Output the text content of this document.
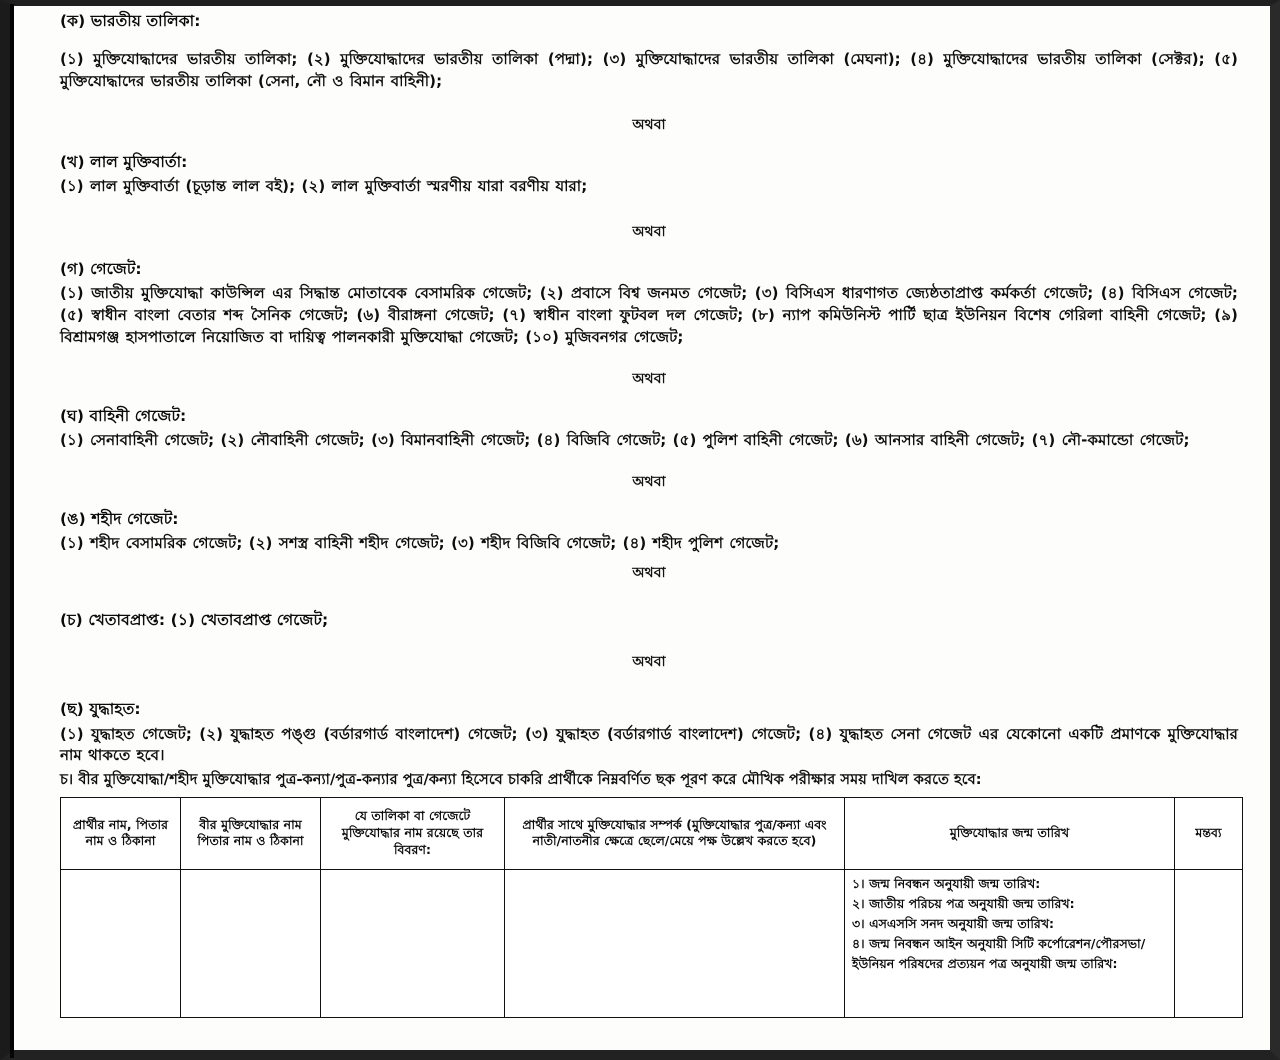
(ক) ভারতীয় তালিকা:

(১) মুক্তিযোদ্ধাদের ভারতীয় তালিকা; (২) মুক্তিযোদ্ধাদের ভারতীয় তালিকা (পদ্মা); (৩) মুক্তিযোদ্ধাদের ভারতীয় তালিকা (মেঘনা); (৪) মুক্তিযোদ্ধাদের ভারতীয় তালিকা (সেক্টর); (৫) মুক্তিযোদ্ধাদের ভারতীয় তালিকা (সেনা, নৌ ও বিমান বাহিনী);

অথবা

(খ) লাল মুক্তিবার্তা:

(১) লাল মুক্তিবার্তা (চূড়ান্ত লাল বই); (২) লাল মুক্তিবার্তা স্মরণীয় যারা বরণীয় যারা;

অথবা

(গ) গেজেট:

(১) জাতীয় মুক্তিযোদ্ধা কাউন্সিল এর সিদ্ধান্ত মোতাবেক বেসামরিক গেজেট; (২) প্রবাসে বিশ্ব জনমত গেজেট; (৩) বিসিএস ধারণাগত জ্যেষ্ঠতাপ্রাপ্ত কর্মকর্তা গেজেট; (৪) বিসিএস গেজেট; (৫) স্বাধীন বাংলা বেতার শব্দ সৈনিক গেজেট; (৬) বীরাঙ্গনা গেজেট; (৭) স্বাধীন বাংলা ফুটবল দল গেজেট; (৮) ন্যাপ কমিউনিস্ট পার্টি ছাত্র ইউনিয়ন বিশেষ গেরিলা বাহিনী গেজেট; (৯) বিশ্রামগঞ্জ হাসপাতালে নিয়োজিত বা দায়িত্ব পালনকারী মুক্তিযোদ্ধা গেজেট; (১০) মুজিবনগর গেজেট;

অথবা

(ঘ) বাহিনী গেজেট:

(১) সেনাবাহিনী গেজেট; (২) নৌবাহিনী গেজেট; (৩) বিমানবাহিনী গেজেট; (৪) বিজিবি গেজেট; (৫) পুলিশ বাহিনী গেজেট; (৬) আনসার বাহিনী গেজেট; (৭) নৌ-কমান্ডো গেজেট;

অথবা

(ঙ) শহীদ গেজেট:

(১) শহীদ বেসামরিক গেজেট; (২) সশস্ত্র বাহিনী শহীদ গেজেট; (৩) শহীদ বিজিবি গেজেট; (৪) শহীদ পুলিশ গেজেট;

অথবা

(চ) খেতাবপ্রাপ্ত: (১) খেতাবপ্রাপ্ত গেজেট;

অথবা

(ছ) যুদ্ধাহত:

(১) যুদ্ধাহত গেজেট; (২) যুদ্ধাহত পঙ্গু (বর্ডারগার্ড বাংলাদেশ) গেজেট; (৩) যুদ্ধাহত (বর্ডারগার্ড বাংলাদেশ) গেজেট; (৪) যুদ্ধাহত সেনা গেজেট এর যেকোনো একটি প্রমাণকে মুক্তিযোদ্ধার নাম থাকতে হবে।

চ। বীর মুক্তিযোদ্ধা/শহীদ মুক্তিযোদ্ধার পুত্র-কন্যা/পুত্র-কন্যার পুত্র/কন্যা হিসেবে চাকরি প্রার্থীকে নিম্নবর্ণিত ছক পূরণ করে মৌখিক পরীক্ষার সময় দাখিল করতে হবে:

প্রার্থীর নাম, পিতার নাম ও ঠিকানা	বীর মুক্তিযোদ্ধার নাম পিতার নাম ও ঠিকানা	যে তালিকা বা গেজেটে মুক্তিযোদ্ধার নাম রয়েছে তার বিবরণ:	প্রার্থীর সাথে মুক্তিযোদ্ধার সম্পর্ক (মুক্তিযোদ্ধার পুত্র/কন্যা এবং নাতী/নাতনীর ক্ষেত্রে ছেলে/মেয়ে পক্ষ উল্লেখ করতে হবে)	মুক্তিযোদ্ধার জন্ম তারিখ	মন্তব্য

				১। জন্ম নিবন্ধন অনুযায়ী জন্ম তারিখ:
২। জাতীয় পরিচয় পত্র অনুযায়ী জন্ম তারিখ:
৩। এসএসসি সনদ অনুযায়ী জন্ম তারিখ:
৪। জন্ম নিবন্ধন আইন অনুযায়ী সিটি কর্পোরেশন/পৌরসভা/ইউনিয়ন পরিষদের প্রত্যয়ন পত্র অনুযায়ী জন্ম তারিখ:	
